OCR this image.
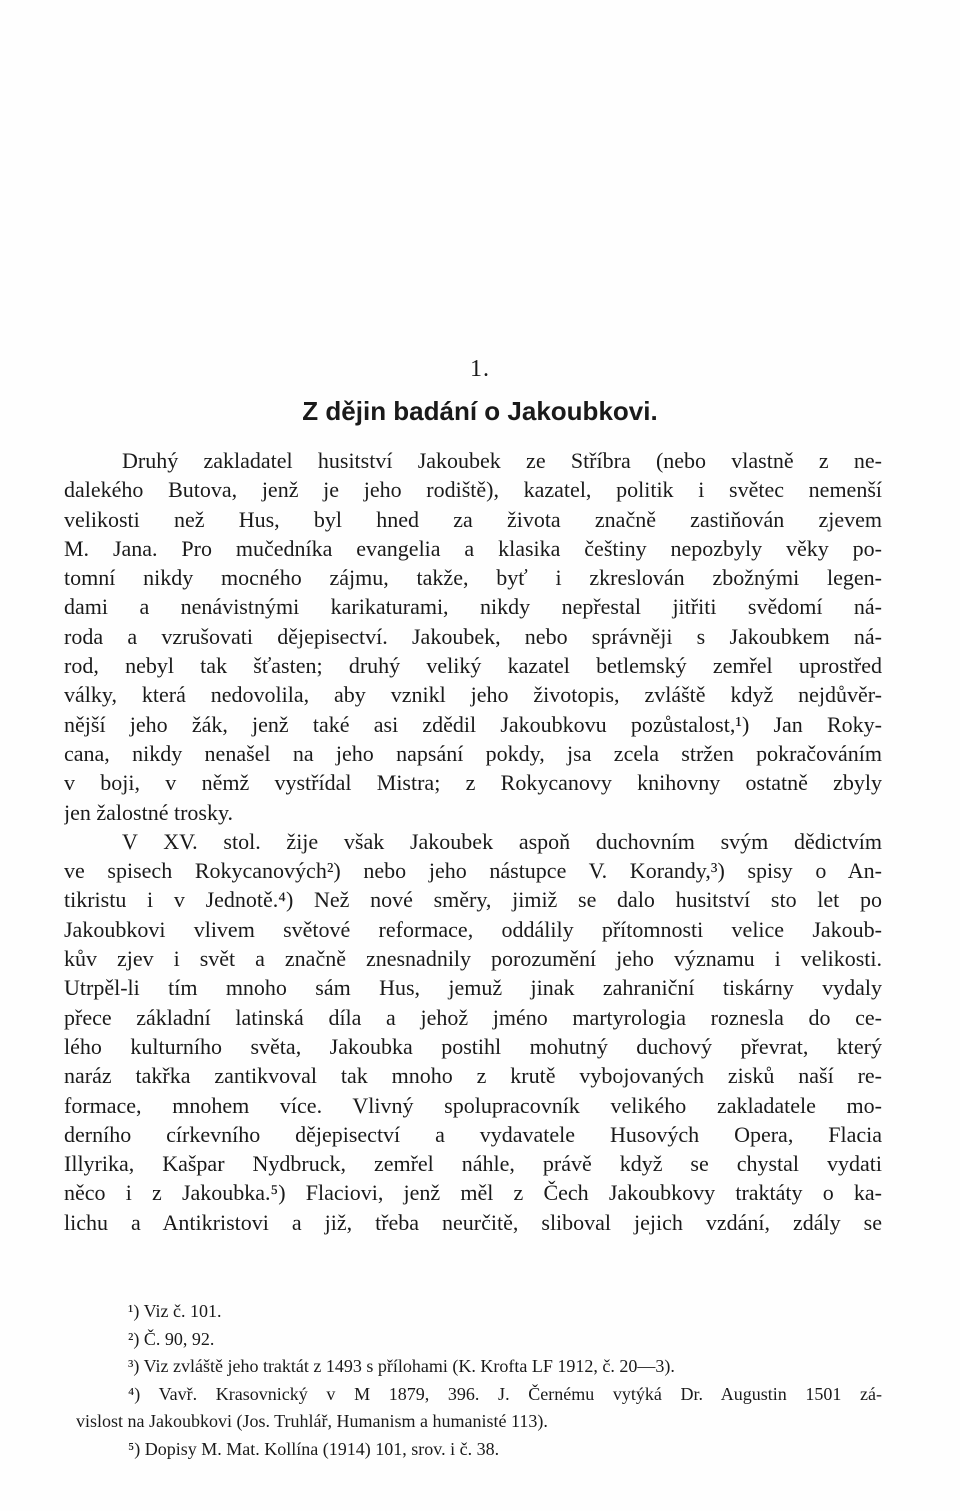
1.
Z dějin badání o Jakoubkovi.
Druhý zakladatel husitství Jakoubek ze Stříbra (nebo vlastně z ne-
dalekého Butova, jenž je jeho rodiště), kazatel, politik i světec nemenší
velikosti než Hus, byl hned za života značně zastiňován zjevem
M. Jana. Pro mučedníka evangelia a klasika češtiny nepozbyly věky po-
tomní nikdy mocného zájmu, takže, byť i zkreslován zbožnými legen-
dami a nenávistnými karikaturami, nikdy nepřestal jitřiti svědomí ná-
roda a vzrušovati dějepisectví. Jakoubek, nebo správněji s Jakoubkem ná-
rod, nebyl tak šťasten; druhý veliký kazatel betlemský zemřel uprostřed
války, která nedovolila, aby vznikl jeho životopis, zvláště když nejdůvěr-
nější jeho žák, jenž také asi zdědil Jakoubkovu pozůstalost,¹) Jan Roky-
cana, nikdy nenašel na jeho napsání pokdy, jsa zcela stržen pokračováním
v boji, v němž vystřídal Mistra; z Rokycanovy knihovny ostatně zbyly
jen žalostné trosky.
V XV. stol. žije však Jakoubek aspoň duchovním svým dědictvím
ve spisech Rokycanových²) nebo jeho nástupce V. Korandy,³) spisy o An-
tikristu i v Jednotě.⁴) Než nové směry, jimiž se dalo husitství sto let po
Jakoubkovi vlivem světové reformace, oddálily přítomnosti velice Jakoub-
kův zjev i svět a značně znesnadnily porozumění jeho významu i velikosti.
Utrpěl-li tím mnoho sám Hus, jemuž jinak zahraniční tiskárny vydaly
přece základní latinská díla a jehož jméno martyrologia roznesla do ce-
lého kulturního světa, Jakoubka postihl mohutný duchový převrat, který
naráz takřka zantikvoval tak mnoho z krutě vybojovaných zisků naší re-
formace, mnohem více. Vlivný spolupracovník velikého zakladatele mo-
derního církevního dějepisectví a vydavatele Husových Opera, Flacia
Illyrika, Kašpar Nydbruck, zemřel náhle, právě když se chystal vydati
něco i z Jakoubka.⁵) Flaciovi, jenž měl z Čech Jakoubkovy traktáty o ka-
lichu a Antikristovi a již, třeba neurčitě, sliboval jejich vzdání, zdály se
¹) Viz č. 101.
²) Č. 90, 92.
³) Viz zvláště jeho traktát z 1493 s přílohami (K. Krofta LF 1912, č. 20—3).
⁴) Vavř. Krasovnický v M 1879, 396. J. Černému vytýká Dr. Augustin 1501 zá-
vislost na Jakoubkovi (Jos. Truhlář, Humanism a humanisté 113).
⁵) Dopisy M. Mat. Kollína (1914) 101, srov. i č. 38.
